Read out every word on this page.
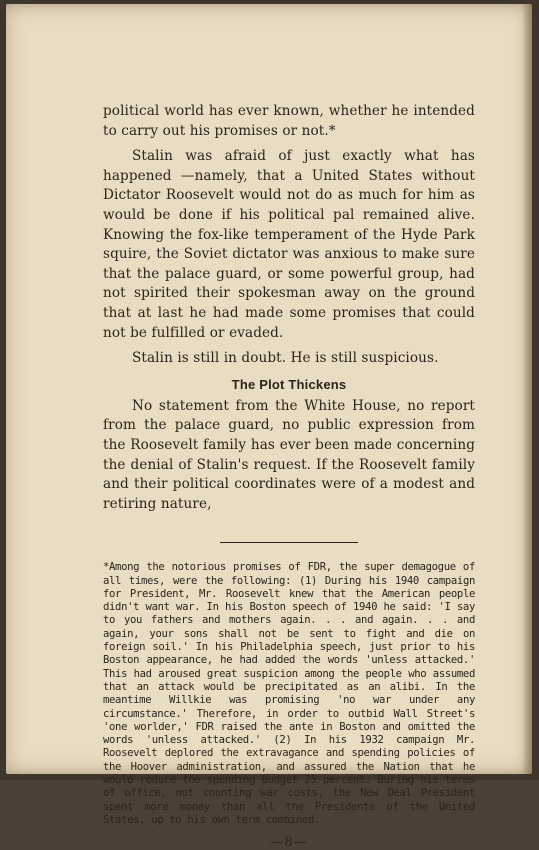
political world has ever known, whether he intended to carry out his promises or not.*

Stalin was afraid of just exactly what has happened —namely, that a United States without Dictator Roosevelt would not do as much for him as would be done if his political pal remained alive. Knowing the fox-like temperament of the Hyde Park squire, the Soviet dictator was anxious to make sure that the palace guard, or some powerful group, had not spirited their spokesman away on the ground that at last he had made some promises that could not be fulfilled or evaded.

Stalin is still in doubt. He is still suspicious.

The Plot Thickens

No statement from the White House, no report from the palace guard, no public expression from the Roosevelt family has ever been made concerning the denial of Stalin's request. If the Roosevelt family and their political coordinates were of a modest and retiring nature,

*Among the notorious promises of FDR, the super demagogue of all times, were the following: (1) During his 1940 campaign for President, Mr. Roosevelt knew that the American people didn't want war. In his Boston speech of 1940 he said: 'I say to you fathers and mothers again. . . and again. . . and again, your sons shall not be sent to fight and die on foreign soil.' In his Philadelphia speech, just prior to his Boston appearance, he had added the words 'unless attacked.' This had aroused great suspicion among the people who assumed that an attack would be precipitated as an alibi. In the meantime Willkie was promising 'no war under any circumstance.' Therefore, in order to outbid Wall Street's 'one worlder,' FDR raised the ante in Boston and omitted the words 'unless attacked.' (2) In his 1932 campaign Mr. Roosevelt deplored the extravagance and spending policies of the Hoover administration, and assured the Nation that he would reduce the spending budget 25 percent. During his terms of office, not counting war costs, the New Deal President spent more money than all the Presidents of the United States, up to his own term combined.

—8—
